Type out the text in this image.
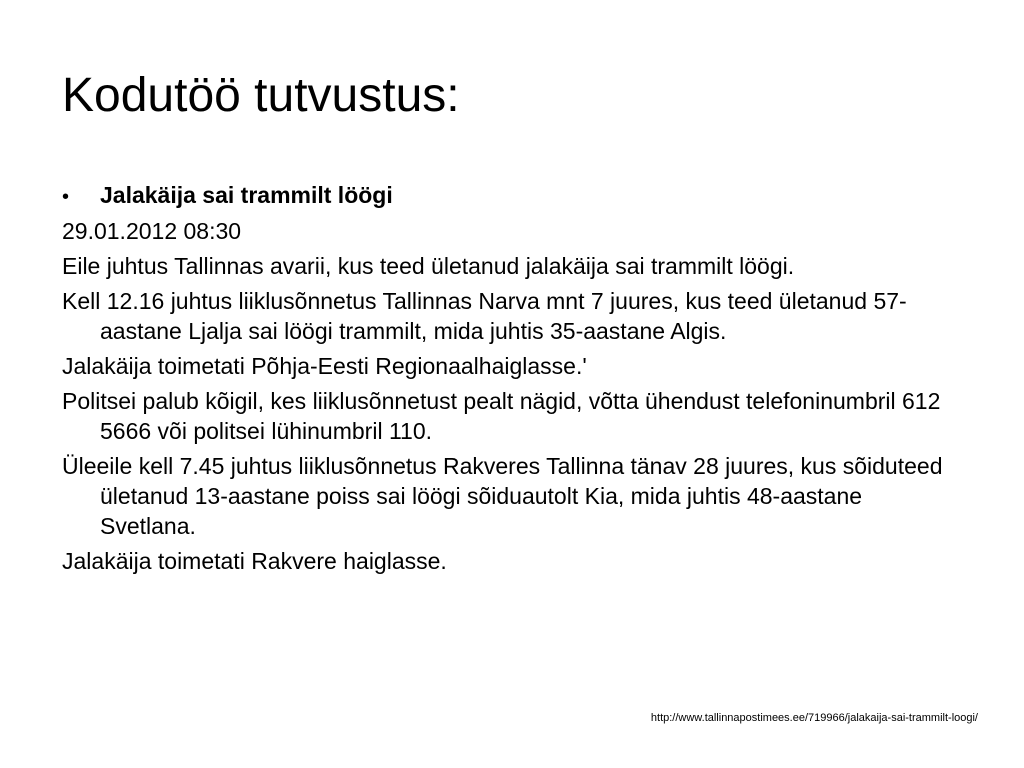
Kodutöö tutvustus:
•	Jalakäija sai trammilt löögi

29.01.2012 08:30

Eile juhtus Tallinnas avarii, kus teed ületanud jalakäija sai trammilt löögi.

Kell 12.16 juhtus liiklusõnnetus Tallinnas Narva mnt 7 juures, kus teed ületanud 57-aastane Ljalja sai löögi trammilt, mida juhtis 35-aastane Algis.

Jalakäija toimetati Põhja-Eesti Regionaalhaiglasse.'

Politsei palub kõigil, kes liiklusõnnetust pealt nägid, võtta ühendust telefoninumbril 612 5666 või politsei lühinumbril 110.

Üleeile kell 7.45 juhtus liiklusõnnetus Rakveres Tallinna tänav 28 juures, kus sõiduteed ületanud 13-aastane poiss sai löögi sõiduautolt Kia, mida juhtis 48-aastane Svetlana.

Jalakäija toimetati Rakvere haiglasse.

http://www.tallinnapostimees.ee/719966/jalakaija-sai-trammilt-loogi/
